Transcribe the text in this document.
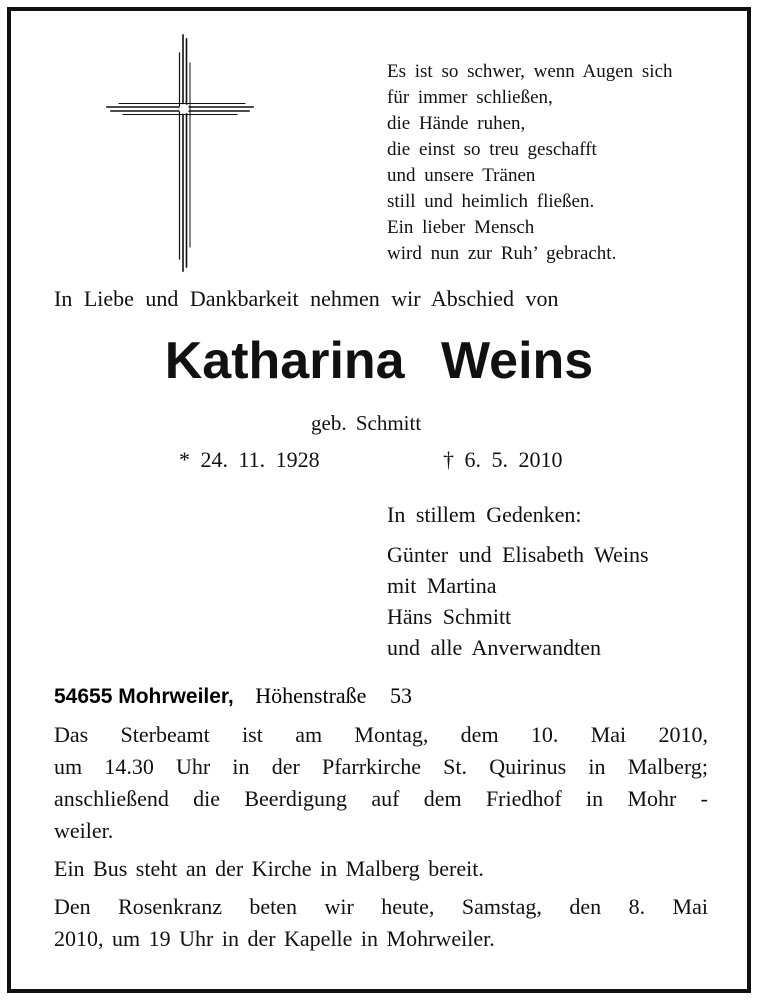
Es ist so schwer, wenn Augen sich
für immer schließen,
die Hände ruhen,
die einst so treu geschafft
und unsere Tränen
still und heimlich fließen.
Ein lieber Mensch
wird nun zur Ruh’ gebracht.
In Liebe und Dankbarkeit nehmen wir Abschied von
Katharina Weins
geb. Schmitt
* 24. 11. 1928	† 6. 5. 2010
In stillem Gedenken:
Günter und Elisabeth Weins
mit Martina
Häns Schmitt
und alle Anverwandten
54655 Mohrweiler, Höhenstraße 53
Das Sterbeamt ist am Montag, dem 10. Mai 2010,
um 14.30 Uhr in der Pfarrkirche St. Quirinus in Malberg;
anschließend die Beerdigung auf dem Friedhof in Mohr -
weiler.
Ein Bus steht an der Kirche in Malberg bereit.
Den Rosenkranz beten wir heute, Samstag, den 8. Mai
2010, um 19 Uhr in der Kapelle in Mohrweiler.
